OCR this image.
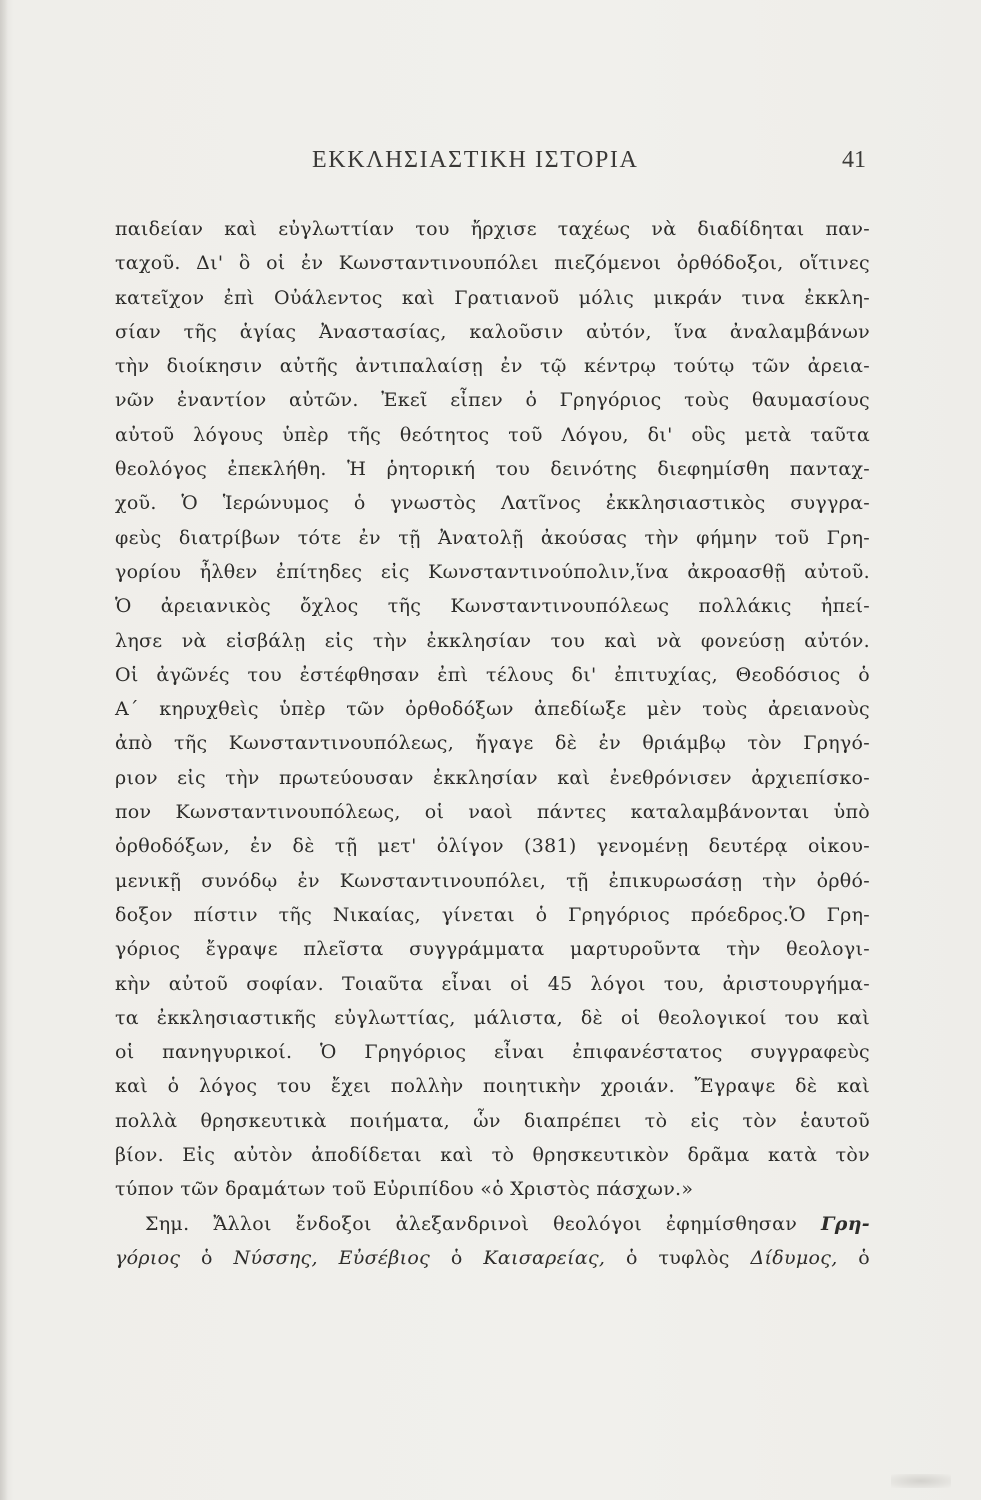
ΕΚΚΛΗΣΙΑΣΤΙΚΗ ΙΣΤΟΡΙΑ	41
παιδείαν καὶ εὐγλωττίαν του ἤρχισε ταχέως νὰ διαδίδηται παν-
ταχοῦ. Δι' ὃ οἱ ἐν Κωνσταντινουπόλει πιεζόμενοι ὀρθόδοξοι, οἵτινες
κατεῖχον ἐπὶ Οὐάλεντος καὶ Γρατιανοῦ μόλις μικράν τινα ἐκκλη-
σίαν τῆς ἁγίας Ἀναστασίας, καλοῦσιν αὐτόν, ἵνα ἀναλαμβάνων
τὴν διοίκησιν αὐτῆς ἀντιπαλαίσῃ ἐν τῷ κέντρῳ τούτῳ τῶν ἀρεια-
νῶν ἐναντίον αὐτῶν. Ἐκεῖ εἶπεν ὁ Γρηγόριος τοὺς θαυμασίους
αὐτοῦ λόγους ὑπὲρ τῆς θεότητος τοῦ Λόγου, δι' οὓς μετὰ ταῦτα
θεολόγος ἐπεκλήθη. Ἡ ῥητορική του δεινότης διεφημίσθη πανταχ-
χοῦ. Ὁ Ἱερώνυμος ὁ γνωστὸς Λατῖνος ἐκκλησιαστικὸς συγγρα-
φεὺς διατρίβων τότε ἐν τῇ Ἀνατολῇ ἀκούσας τὴν φήμην τοῦ Γρη-
γορίου ἦλθεν ἐπίτηδες εἰς Κωνσταντινούπολιν,ἵνα ἀκροασθῇ αὐτοῦ.
Ὁ ἀρειανικὸς ὄχλος τῆς Κωνσταντινουπόλεως πολλάκις ἠπεί-
λησε νὰ εἰσβάλῃ εἰς τὴν ἐκκλησίαν του καὶ νὰ φονεύσῃ αὐτόν.
Οἱ ἀγῶνές του ἐστέφθησαν ἐπὶ τέλους δι' ἐπιτυχίας, Θεοδόσιος ὁ
Α΄ κηρυχθεὶς ὑπὲρ τῶν ὀρθοδόξων ἀπεδίωξε μὲν τοὺς ἀρειανοὺς
ἀπὸ τῆς Κωνσταντινουπόλεως, ἤγαγε δὲ ἐν θριάμβῳ τὸν Γρηγό-
ριον εἰς τὴν πρωτεύουσαν ἐκκλησίαν καὶ ἐνεθρόνισεν ἀρχιεπίσκο-
πον Κωνσταντινουπόλεως, οἱ ναοὶ πάντες καταλαμβάνονται ὑπὸ
ὀρθοδόξων, ἐν δὲ τῇ μετ' ὀλίγον (381) γενομένῃ δευτέρᾳ οἰκου-
μενικῇ συνόδῳ ἐν Κωνσταντινουπόλει, τῇ ἐπικυρωσάσῃ τὴν ὀρθό-
δοξον πίστιν τῆς Νικαίας, γίνεται ὁ Γρηγόριος πρόεδρος.Ὁ Γρη-
γόριος ἔγραψε πλεῖστα συγγράμματα μαρτυροῦντα τὴν θεολογι-
κὴν αὐτοῦ σοφίαν. Τοιαῦτα εἶναι οἱ 45 λόγοι του, ἀριστουργήμα-
τα ἐκκλησιαστικῆς εὐγλωττίας, μάλιστα, δὲ οἱ θεολογικοί του καὶ
οἱ πανηγυρικοί. Ὁ Γρηγόριος εἶναι ἐπιφανέστατος συγγραφεὺς
καὶ ὁ λόγος του ἔχει πολλὴν ποιητικὴν χροιάν. Ἔγραψε δὲ καὶ
πολλὰ θρησκευτικὰ ποιήματα, ὧν διαπρέπει τὸ εἰς τὸν ἑαυτοῦ
βίον. Εἰς αὐτὸν ἀποδίδεται καὶ τὸ θρησκευτικὸν δρᾶμα κατὰ τὸν
τύπον τῶν δραμάτων τοῦ Εὐριπίδου «ὁ Χριστὸς πάσχων.»
Σημ. Ἄλλοι ἔνδοξοι ἀλεξανδρινοὶ θεολόγοι ἐφημίσθησαν Γρη-
γόριος ὁ Νύσσης, Εὐσέβιος ὁ Καισαρείας, ὁ τυφλὸς Δίδυμος, ὁ
